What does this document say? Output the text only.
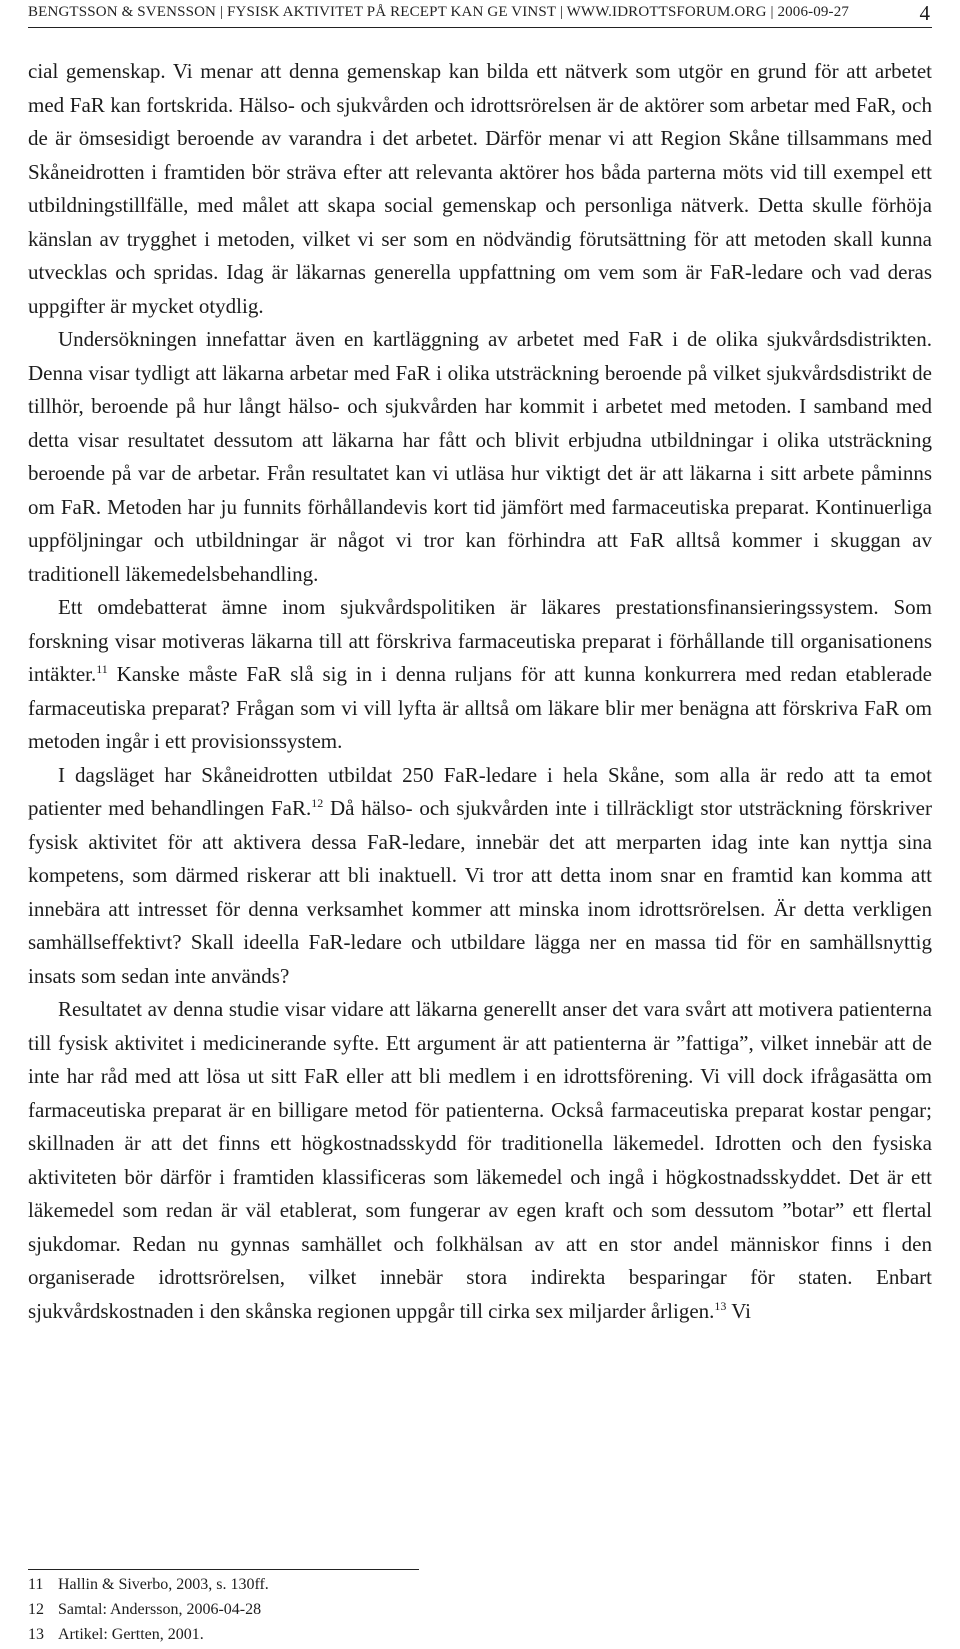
BENGTSSON & SVENSSON | FYSISK AKTIVITET PÅ RECEPT KAN GE VINST | WWW.IDROTTSFORUM.ORG | 2006-09-27	4

cial gemenskap. Vi menar att denna gemenskap kan bilda ett nätverk som utgör en grund för att arbetet med FaR kan fortskrida. Hälso- och sjukvården och idrottsrörelsen är de aktörer som arbetar med FaR, och de är ömsesidigt beroende av varandra i det arbetet. Därför menar vi att Region Skåne tillsammans med Skåneidrotten i framtiden bör sträva efter att relevanta aktörer hos båda parterna möts vid till exempel ett utbildningstillfälle, med målet att skapa social gemenskap och personliga nätverk. Detta skulle förhöja känslan av trygghet i metoden, vilket vi ser som en nödvändig förutsättning för att metoden skall kunna utvecklas och spridas. Idag är läkarnas generella uppfattning om vem som är FaR-ledare och vad deras uppgifter är mycket otydlig.

Undersökningen innefattar även en kartläggning av arbetet med FaR i de olika sjukvårdsdistrikten. Denna visar tydligt att läkarna arbetar med FaR i olika utsträckning beroende på vilket sjukvårdsdistrikt de tillhör, beroende på hur långt hälso- och sjukvården har kommit i arbetet med metoden. I samband med detta visar resultatet dessutom att läkarna har fått och blivit erbjudna utbildningar i olika utsträckning beroende på var de arbetar. Från resultatet kan vi utläsa hur viktigt det är att läkarna i sitt arbete påminns om FaR. Metoden har ju funnits förhållandevis kort tid jämfört med farmaceutiska preparat. Kontinuerliga uppföljningar och utbildningar är något vi tror kan förhindra att FaR alltså kommer i skuggan av traditionell läkemedelsbehandling.

Ett omdebatterat ämne inom sjukvårdspolitiken är läkares prestationsfinansieringssystem. Som forskning visar motiveras läkarna till att förskriva farmaceutiska preparat i förhållande till organisationens intäkter.$^{11}$ Kanske måste FaR slå sig in i denna ruljans för att kunna konkurrera med redan etablerade farmaceutiska preparat? Frågan som vi vill lyfta är alltså om läkare blir mer benägna att förskriva FaR om metoden ingår i ett provisionssystem.

I dagsläget har Skåneidrotten utbildat 250 FaR-ledare i hela Skåne, som alla är redo att ta emot patienter med behandlingen FaR.$^{12}$ Då hälso- och sjukvården inte i tillräckligt stor utsträckning förskriver fysisk aktivitet för att aktivera dessa FaR-ledare, innebär det att merparten idag inte kan nyttja sina kompetens, som därmed riskerar att bli inaktuell. Vi tror att detta inom snar en framtid kan komma att innebära att intresset för denna verksamhet kommer att minska inom idrottsrörelsen. Är detta verkligen samhällseffektivt? Skall ideella FaR-ledare och utbildare lägga ner en massa tid för en samhällsnyttig insats som sedan inte används?

Resultatet av denna studie visar vidare att läkarna generellt anser det vara svårt att motivera patienterna till fysisk aktivitet i medicinerande syfte. Ett argument är att patienterna är ”fattiga”, vilket innebär att de inte har råd med att lösa ut sitt FaR eller att bli medlem i en idrottsförening. Vi vill dock ifrågasätta om farmaceutiska preparat är en billigare metod för patienterna. Också farmaceutiska preparat kostar pengar; skillnaden är att det finns ett högkostnadsskydd för traditionella läkemedel. Idrotten och den fysiska aktiviteten bör därför i framtiden klassificeras som läkemedel och ingå i högkostnadsskyddet. Det är ett läkemedel som redan är väl etablerat, som fungerar av egen kraft och som dessutom ”botar” ett flertal sjukdomar. Redan nu gynnas samhället och folkhälsan av att en stor andel människor finns i den organiserade idrottsrörelsen, vilket innebär stora indirekta besparingar för staten. Enbart sjukvårdskostnaden i den skånska regionen uppgår till cirka sex miljarder årligen.$^{13}$ Vi

11 Hallin & Siverbo, 2003, s. 130ff.
12 Samtal: Andersson, 2006-04-28
13 Artikel: Gertten, 2001.
